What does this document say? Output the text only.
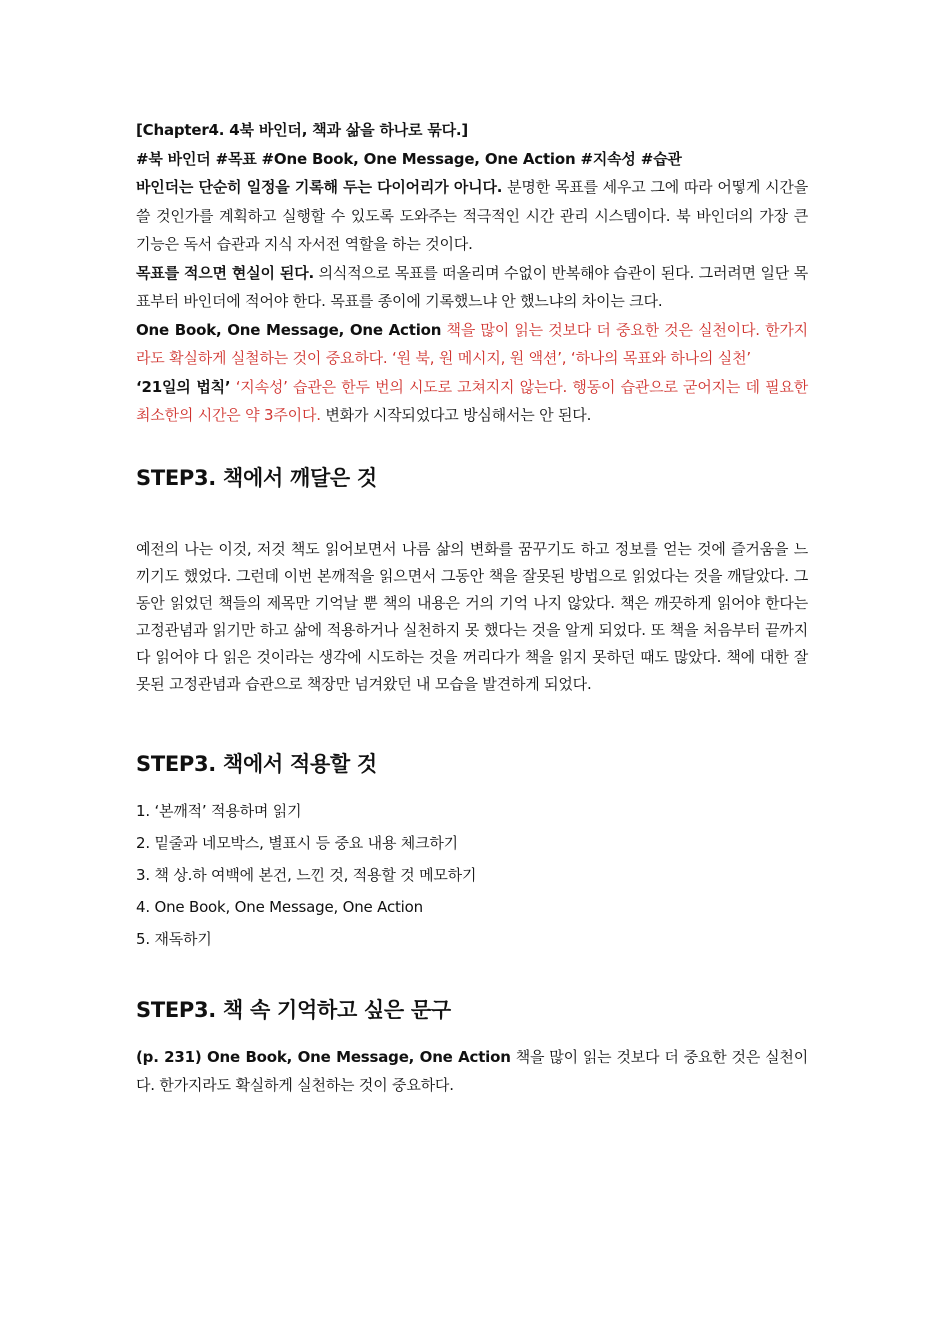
[Chapter4. 4북 바인더, 책과 삶을 하나로 묶다.]

#북 바인더 #목표 #One Book, One Message, One Action #지속성 #습관

바인더는 단순히 일정을 기록해 두는 다이어리가 아니다. 분명한 목표를 세우고 그에 따라 어떻게 시간을 쓸 것인가를 계획하고 실행할 수 있도록 도와주는 적극적인 시간 관리 시스템이다. 북 바인더의 가장 큰 기능은 독서 습관과 지식 자서전 역할을 하는 것이다.

목표를 적으면 현실이 된다. 의식적으로 목표를 떠올리며 수없이 반복해야 습관이 된다. 그러려면 일단 목표부터 바인더에 적어야 한다. 목표를 종이에 기록했느냐 안 했느냐의 차이는 크다.

One Book, One Message, One Action 책을 많이 읽는 것보다 더 중요한 것은 실천이다. 한가지라도 확실하게 실철하는 것이 중요하다. ‘원 북, 원 메시지, 원 액션’, ‘하나의 목표와 하나의 실천’

‘21일의 법칙’ ‘지속성’ 습관은 한두 번의 시도로 고쳐지지 않는다. 행동이 습관으로 굳어지는 데 필요한 최소한의 시간은 약 3주이다. 변화가 시작되었다고 방심해서는 안 된다.

STEP3. 책에서 깨달은 것

예전의 나는 이것, 저것 책도 읽어보면서 나름 삶의 변화를 꿈꾸기도 하고 정보를 얻는 것에 즐거움을 느끼기도 했었다. 그런데 이번 본깨적을 읽으면서 그동안 책을 잘못된 방법으로 읽었다는 것을 깨달았다. 그동안 읽었던 책들의 제목만 기억날 뿐 책의 내용은 거의 기억 나지 않았다. 책은 깨끗하게 읽어야 한다는 고정관념과 읽기만 하고 삶에 적용하거나 실천하지 못 했다는 것을 알게 되었다. 또 책을 처음부터 끝까지 다 읽어야 다 읽은 것이라는 생각에 시도하는 것을 꺼리다가 책을 읽지 못하던 때도 많았다. 책에 대한 잘못된 고정관념과 습관으로 책장만 넘겨왔던 내 모습을 발견하게 되었다.

STEP3. 책에서 적용할 것
1. ‘본깨적’ 적용하며 읽기
2. 밑줄과 네모박스, 별표시 등 중요 내용 체크하기
3. 책 상.하 여백에 본건, 느낀 것, 적용할 것 메모하기
4. One Book, One Message, One Action
5. 재독하기
STEP3. 책 속 기억하고 싶은 문구

(p. 231) One Book, One Message, One Action 책을 많이 읽는 것보다 더 중요한 것은 실천이다. 한가지라도 확실하게 실천하는 것이 중요하다.
